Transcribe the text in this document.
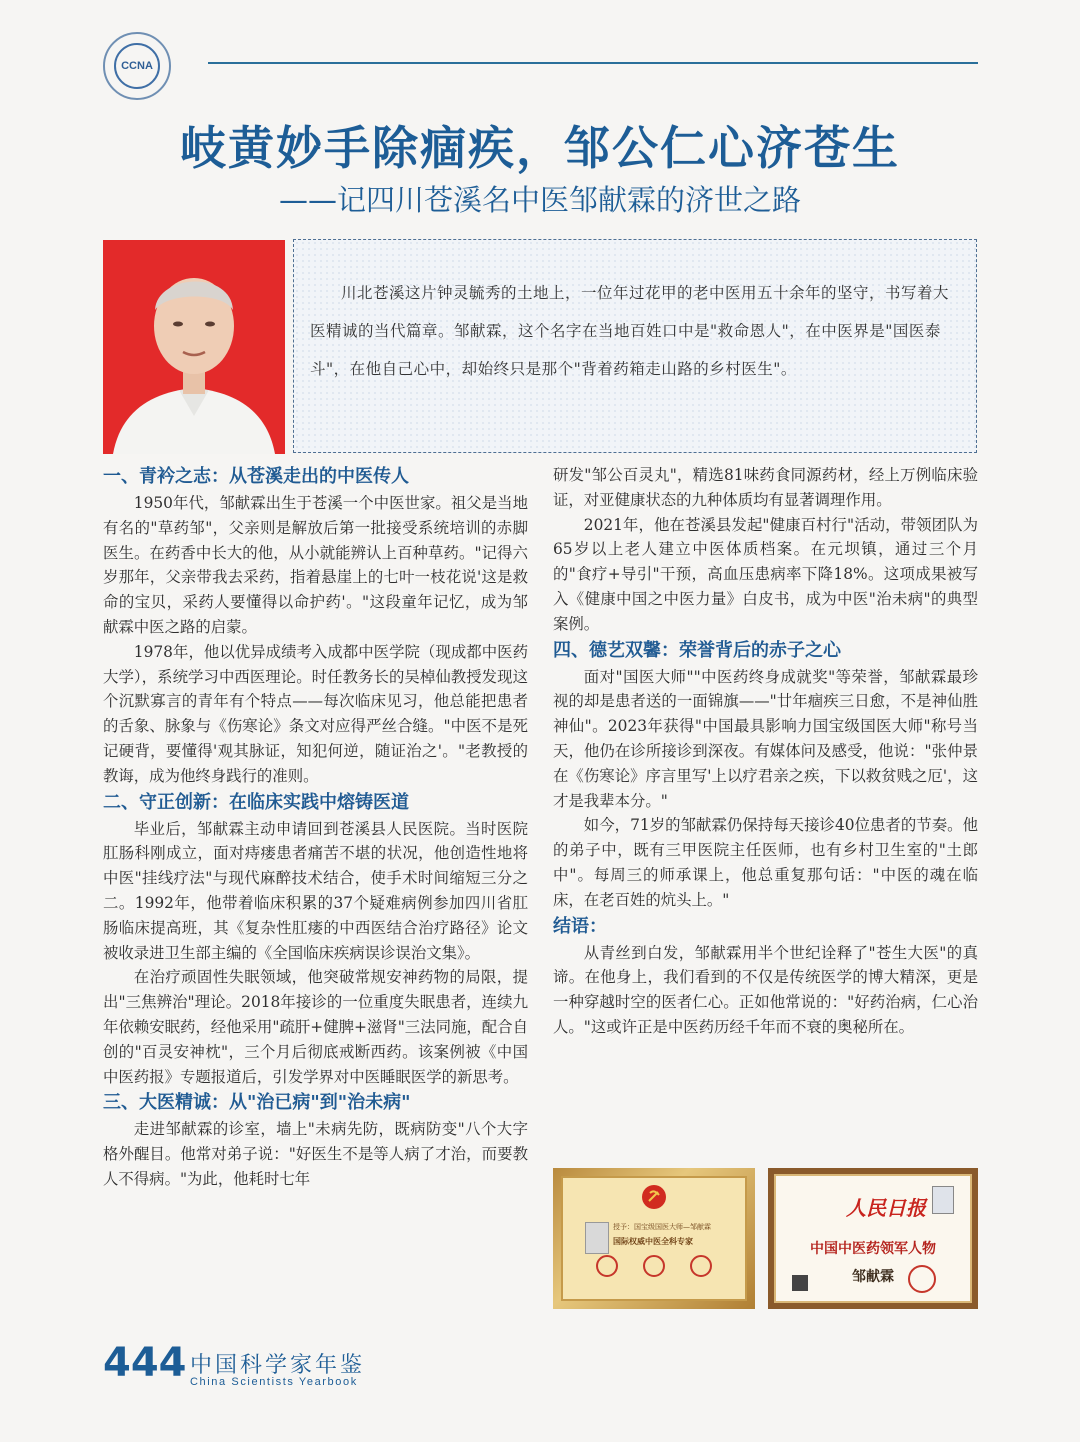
CCNA
岐黄妙手除痼疾，邹公仁心济苍生
——记四川苍溪名中医邹献霖的济世之路

川北苍溪这片钟灵毓秀的土地上，一位年过花甲的老中医用五十余年的坚守，书写着大医精诚的当代篇章。邹献霖，这个名字在当地百姓口中是"救命恩人"，在中医界是"国医泰斗"，在他自己心中，却始终只是那个"背着药箱走山路的乡村医生"。

一、青衿之志：从苍溪走出的中医传人

1950年代，邹献霖出生于苍溪一个中医世家。祖父是当地有名的"草药邹"，父亲则是解放后第一批接受系统培训的赤脚医生。在药香中长大的他，从小就能辨认上百种草药。"记得六岁那年，父亲带我去采药，指着悬崖上的七叶一枝花说'这是救命的宝贝，采药人要懂得以命护药'。"这段童年记忆，成为邹献霖中医之路的启蒙。

1978年，他以优异成绩考入成都中医学院（现成都中医药大学），系统学习中西医理论。时任教务长的吴棹仙教授发现这个沉默寡言的青年有个特点——每次临床见习，他总能把患者的舌象、脉象与《伤寒论》条文对应得严丝合缝。"中医不是死记硬背，要懂得'观其脉证，知犯何逆，随证治之'。"老教授的教诲，成为他终身践行的准则。

二、守正创新：在临床实践中熔铸医道

毕业后，邹献霖主动申请回到苍溪县人民医院。当时医院肛肠科刚成立，面对痔瘘患者痛苦不堪的状况，他创造性地将中医"挂线疗法"与现代麻醉技术结合，使手术时间缩短三分之二。1992年，他带着临床积累的37个疑难病例参加四川省肛肠临床提高班，其《复杂性肛瘘的中西医结合治疗路径》论文被收录进卫生部主编的《全国临床疾病误诊误治文集》。

在治疗顽固性失眠领域，他突破常规安神药物的局限，提出"三焦辨治"理论。2018年接诊的一位重度失眠患者，连续九年依赖安眠药，经他采用"疏肝+健脾+滋肾"三法同施，配合自创的"百灵安神枕"，三个月后彻底戒断西药。该案例被《中国中医药报》专题报道后，引发学界对中医睡眠医学的新思考。

三、大医精诚：从"治已病"到"治未病"

走进邹献霖的诊室，墙上"未病先防，既病防变"八个大字格外醒目。他常对弟子说："好医生不是等人病了才治，而要教人不得病。"为此，他耗时七年

研发"邹公百灵丸"，精选81味药食同源药材，经上万例临床验证，对亚健康状态的九种体质均有显著调理作用。

2021年，他在苍溪县发起"健康百村行"活动，带领团队为65岁以上老人建立中医体质档案。在元坝镇，通过三个月的"食疗+导引"干预，高血压患病率下降18%。这项成果被写入《健康中国之中医力量》白皮书，成为中医"治未病"的典型案例。

四、德艺双馨：荣誉背后的赤子之心

面对"国医大师""中医药终身成就奖"等荣誉，邹献霖最珍视的却是患者送的一面锦旗——"廿年痼疾三日愈，不是神仙胜神仙"。2023年获得"中国最具影响力国宝级国医大师"称号当天，他仍在诊所接诊到深夜。有媒体问及感受，他说："张仲景在《伤寒论》序言里写'上以疗君亲之疾，下以救贫贱之厄'，这才是我辈本分。"

如今，71岁的邹献霖仍保持每天接诊40位患者的节奏。他的弟子中，既有三甲医院主任医师，也有乡村卫生室的"土郎中"。每周三的师承课上，他总重复那句话："中医的魂在临床，在老百姓的炕头上。"

结语：

从青丝到白发，邹献霖用半个世纪诠释了"苍生大医"的真谛。在他身上，我们看到的不仅是传统医学的博大精深，更是一种穿越时空的医者仁心。正如他常说的："好药治病，仁心治人。"这或许正是中医药历经千年而不衰的奥秘所在。

授予：国宝级国医大师—邹献霖
国际权威中医全科专家
人民日报
中国中医药领军人物
邹献霖
444 中国科学家年鉴
China Scientists Yearbook
